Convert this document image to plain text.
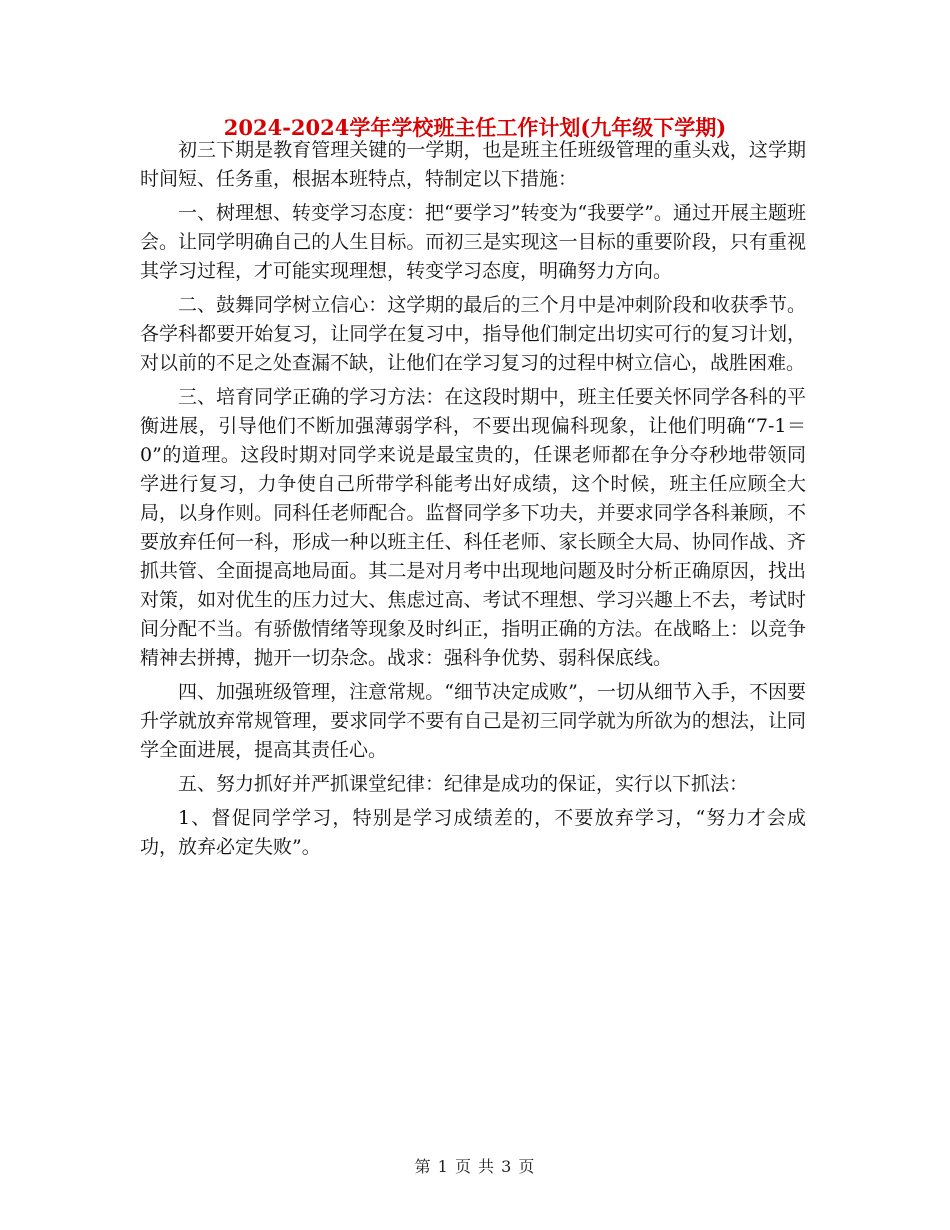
2024-2024学年学校班主任工作计划(九年级下学期)

初三下期是教育管理关键的一学期，也是班主任班级管理的重头戏，这学期时间短、任务重，根据本班特点，特制定以下措施：

一、树理想、转变学习态度：把“要学习”转变为“我要学”。通过开展主题班会。让同学明确自己的人生目标。而初三是实现这一目标的重要阶段，只有重视其学习过程，才可能实现理想，转变学习态度，明确努力方向。

二、鼓舞同学树立信心：这学期的最后的三个月中是冲刺阶段和收获季节。各学科都要开始复习，让同学在复习中，指导他们制定出切实可行的复习计划，对以前的不足之处查漏不缺，让他们在学习复习的过程中树立信心，战胜困难。

三、培育同学正确的学习方法：在这段时期中，班主任要关怀同学各科的平衡进展，引导他们不断加强薄弱学科，不要出现偏科现象，让他们明确“7-1＝0”的道理。这段时期对同学来说是最宝贵的，任课老师都在争分夺秒地带领同学进行复习，力争使自己所带学科能考出好成绩，这个时候，班主任应顾全大局，以身作则。同科任老师配合。监督同学多下功夫，并要求同学各科兼顾，不要放弃任何一科，形成一种以班主任、科任老师、家长顾全大局、协同作战、齐抓共管、全面提高地局面。其二是对月考中出现地问题及时分析正确原因，找出对策，如对优生的压力过大、焦虑过高、考试不理想、学习兴趣上不去，考试时间分配不当。有骄傲情绪等现象及时纠正，指明正确的方法。在战略上：以竞争精神去拼搏，抛开一切杂念。战求：强科争优势、弱科保底线。

四、加强班级管理，注意常规。“细节决定成败”，一切从细节入手，不因要升学就放弃常规管理，要求同学不要有自己是初三同学就为所欲为的想法，让同学全面进展，提高其责任心。

五、努力抓好并严抓课堂纪律：纪律是成功的保证，实行以下抓法：

1、督促同学学习，特别是学习成绩差的，不要放弃学习，“努力才会成功，放弃必定失败”。

第 1 页 共 3 页
